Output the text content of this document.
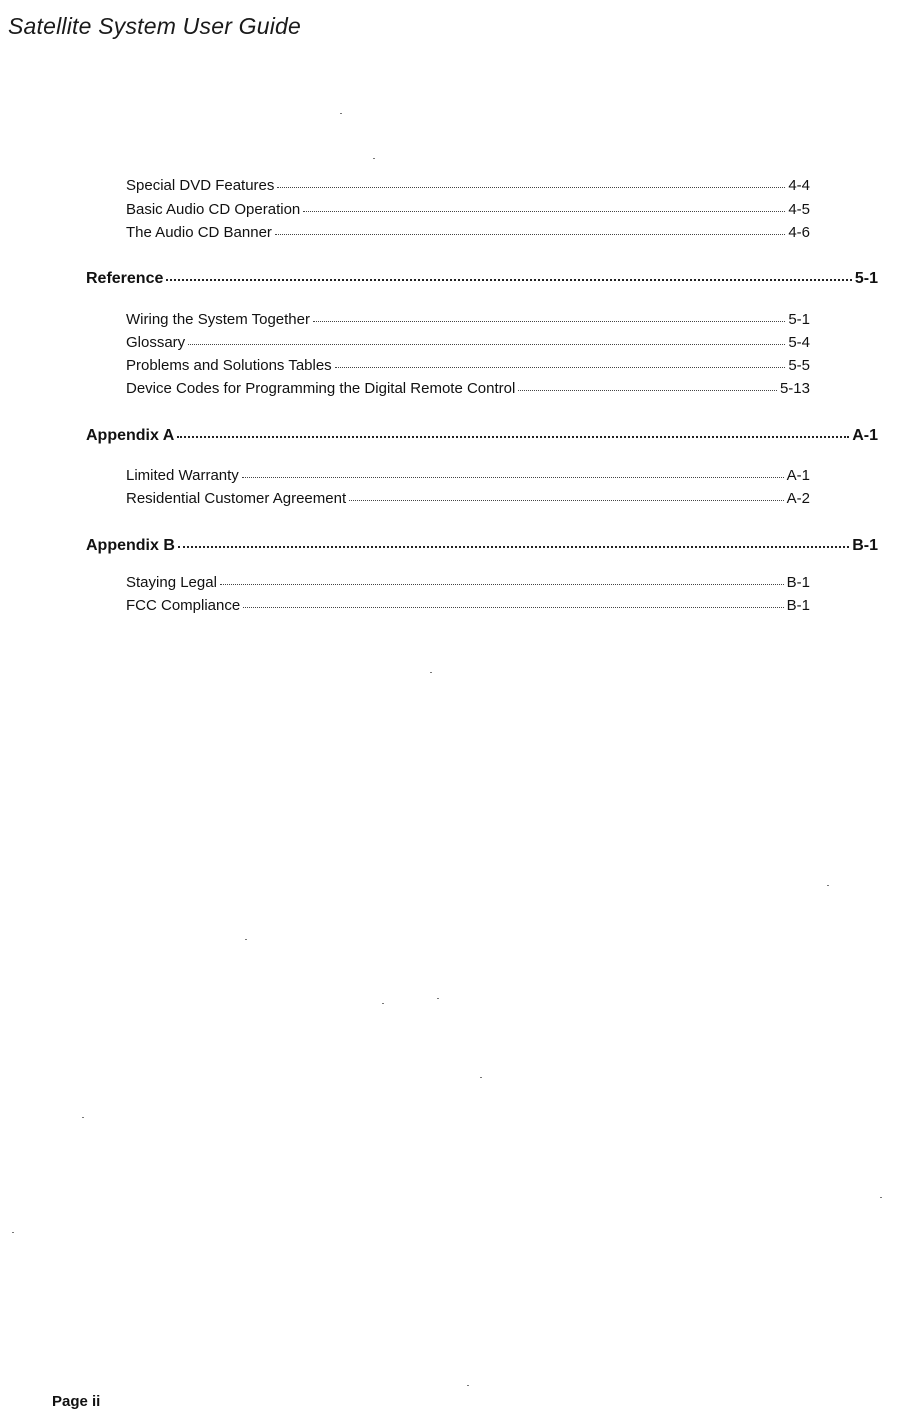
Satellite System User Guide
Special DVD Features	4-4
Basic Audio CD Operation	4-5
The Audio CD Banner	4-6
Reference	5-1
Wiring the System Together	5-1
Glossary	5-4
Problems and Solutions Tables	5-5
Device Codes for Programming the Digital Remote Control	5-13
Appendix A	A-1
Limited Warranty	A-1
Residential Customer Agreement	A-2
Appendix B	B-1
Staying Legal	B-1
FCC Compliance	B-1
Page ii
